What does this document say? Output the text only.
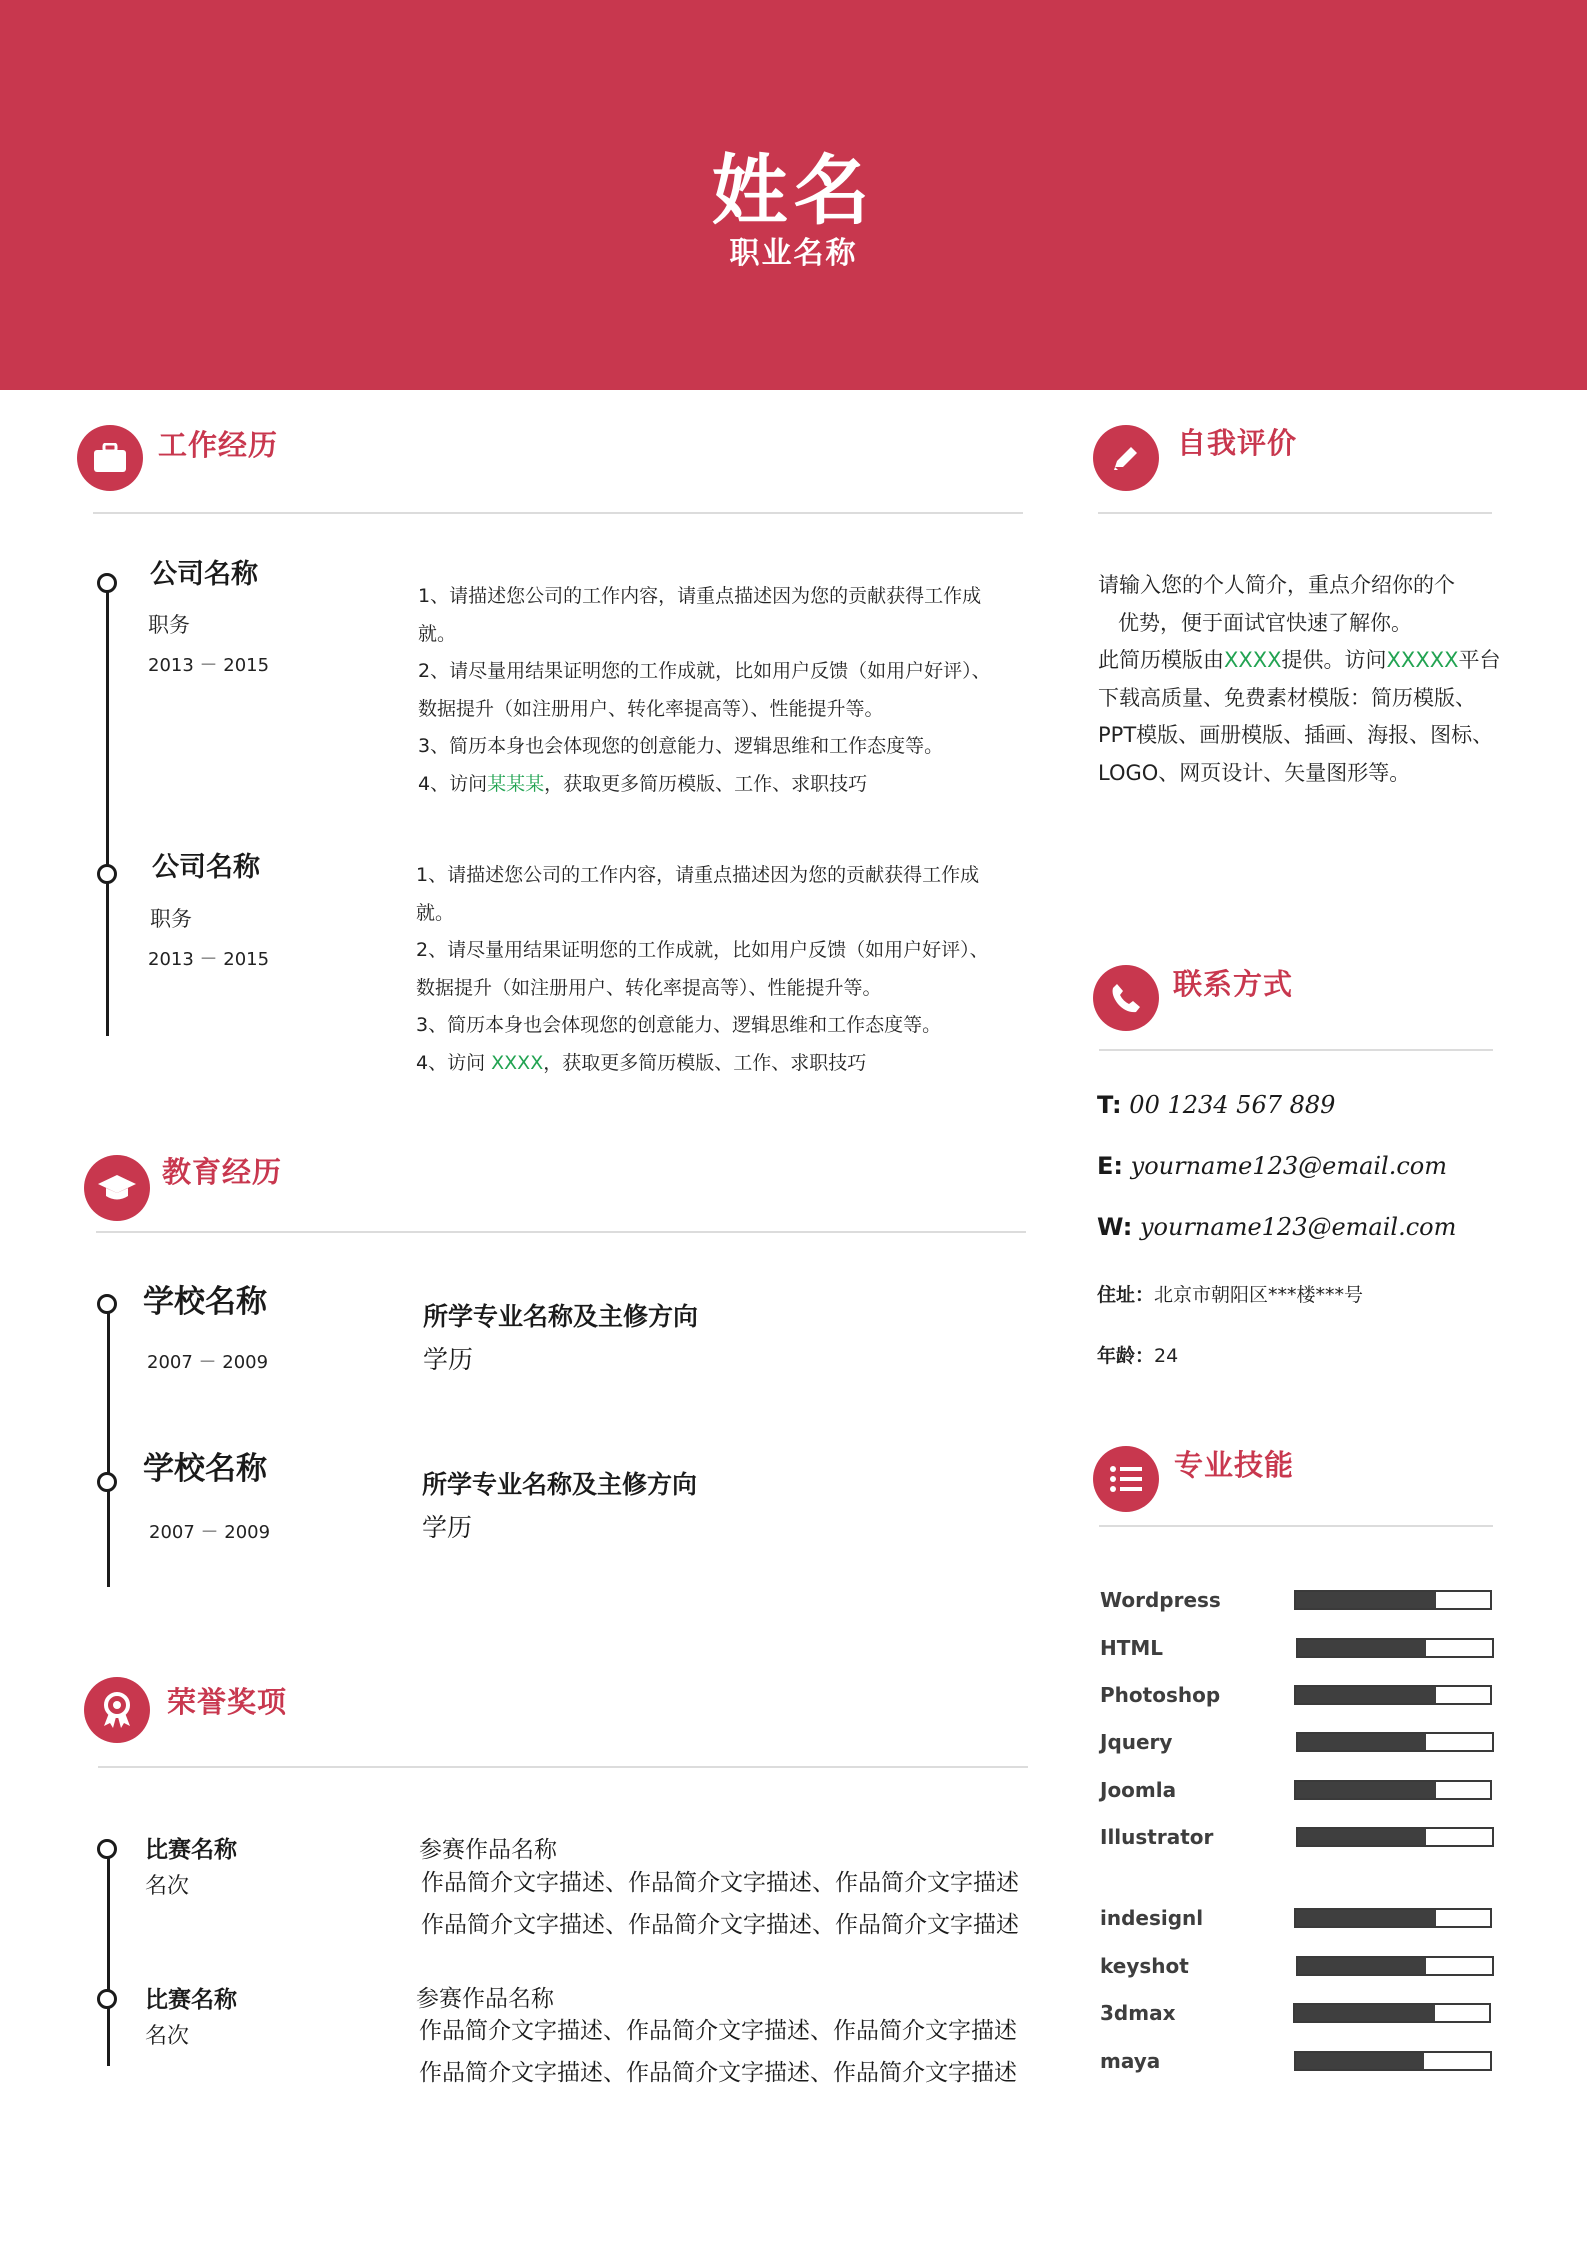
姓名
职业名称
工作经历
公司名称
职务
2013 － 2015
1、请描述您公司的工作内容，请重点描述因为您的贡献获得工作成
就。
2、请尽量用结果证明您的工作成就，比如用户反馈（如用户好评）、
数据提升（如注册用户、转化率提高等）、性能提升等。
3、简历本身也会体现您的创意能力、逻辑思维和工作态度等。
4、访问某某某，获取更多简历模版、工作、求职技巧
公司名称
职务
2013 － 2015
1、请描述您公司的工作内容，请重点描述因为您的贡献获得工作成
就。
2、请尽量用结果证明您的工作成就，比如用户反馈（如用户好评）、
数据提升（如注册用户、转化率提高等）、性能提升等。
3、简历本身也会体现您的创意能力、逻辑思维和工作态度等。
4、访问 XXXX，获取更多简历模版、工作、求职技巧
教育经历
学校名称
2007 － 2009
所学专业名称及主修方向
学历
学校名称
2007 － 2009
所学专业名称及主修方向
学历
荣誉奖项
比赛名称
名次
参赛作品名称
作品简介文字描述、作品简介文字描述、作品简介文字描述
作品简介文字描述、作品简介文字描述、作品简介文字描述
比赛名称
名次
参赛作品名称
作品简介文字描述、作品简介文字描述、作品简介文字描述
作品简介文字描述、作品简介文字描述、作品简介文字描述
自我评价
请输入您的个人简介，重点介绍你的个
优势，便于面试官快速了解你。
此简历模版由XXXX提供。访问XXXXX平台
下载高质量、免费素材模版：简历模版、
PPT模版、画册模版、插画、海报、图标、
LOGO、网页设计、矢量图形等。
联系方式
T: 00 1234 567 889
E: yourname123@email.com
W: yourname123@email.com
住址：北京市朝阳区***楼***号
年龄：24
专业技能
Wordpress
HTML
Photoshop
Jquery
Joomla
Illustrator
indesignl
keyshot
3dmax
maya
